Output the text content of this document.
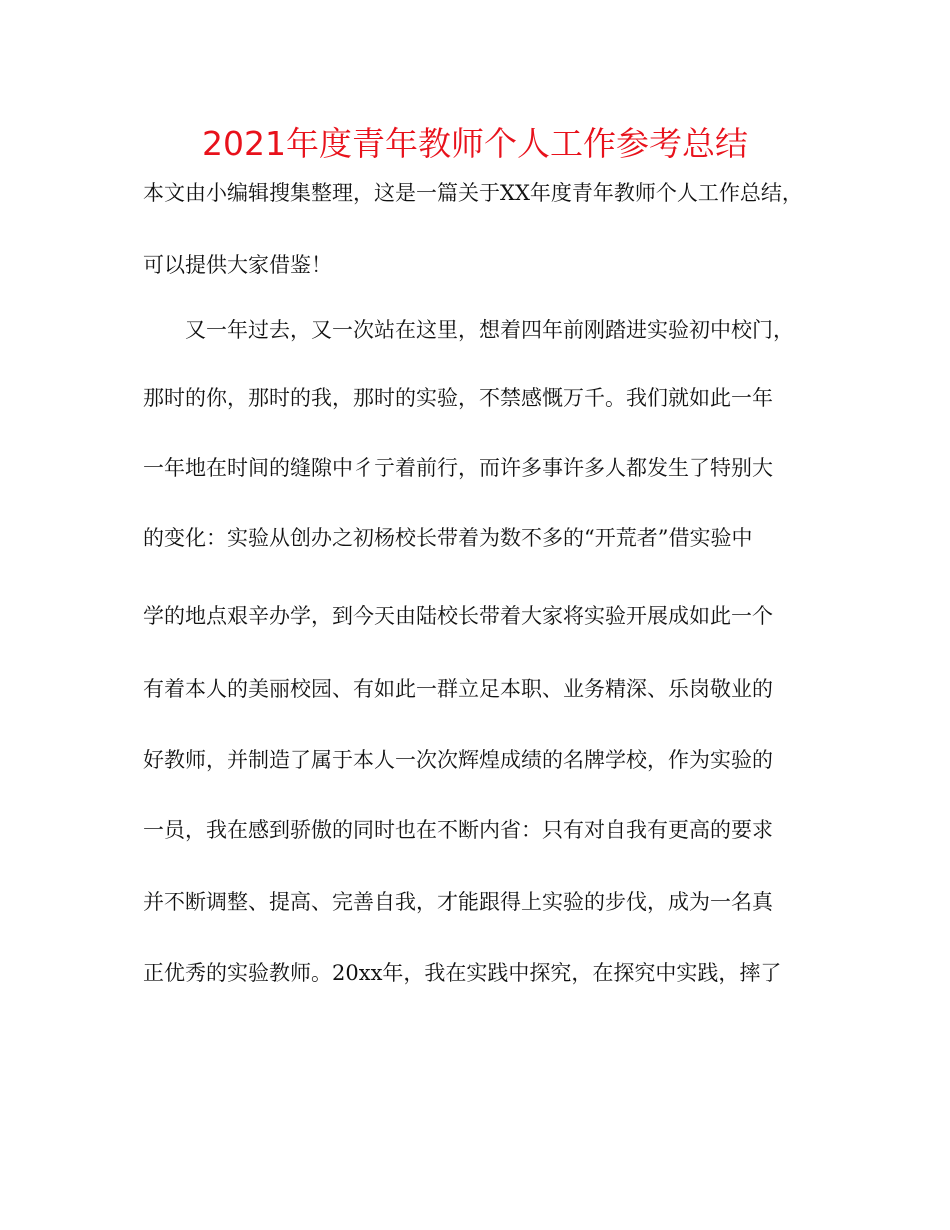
2021年度青年教师个人工作参考总结
本文由小编辑搜集整理，这是一篇关于XX年度青年教师个人工作总结，
可以提供大家借鉴！
又一年过去，又一次站在这里，想着四年前刚踏进实验初中校门，
那时的你，那时的我，那时的实验，不禁感慨万千。我们就如此一年
一年地在时间的缝隙中彳亍着前行，而许多事许多人都发生了特别大
的变化：实验从创办之初杨校长带着为数不多的“开荒者”借实验中
学的地点艰辛办学，到今天由陆校长带着大家将实验开展成如此一个
有着本人的美丽校园、有如此一群立足本职、业务精深、乐岗敬业的
好教师，并制造了属于本人一次次辉煌成绩的名牌学校，作为实验的
一员，我在感到骄傲的同时也在不断内省：只有对自我有更高的要求
并不断调整、提高、完善自我，才能跟得上实验的步伐，成为一名真
正优秀的实验教师。20xx年，我在实践中探究，在探究中实践，摔了
